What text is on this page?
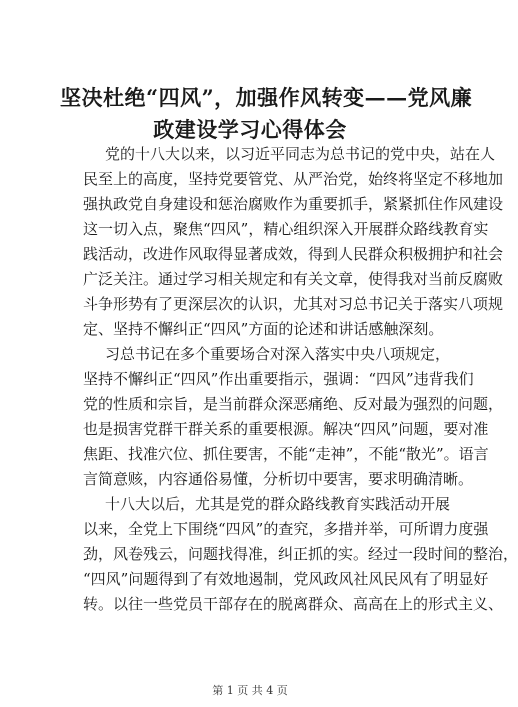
坚决杜绝“四风”，加强作风转变——党风廉
政建设学习心得体会

党的十八大以来，以习近平同志为总书记的党中央，站在人
民至上的高度，坚持党要管党、从严治党，始终将坚定不移地加
强执政党自身建设和惩治腐败作为重要抓手，紧紧抓住作风建设
这一切入点，聚焦“四风”，精心组织深入开展群众路线教育实
践活动，改进作风取得显著成效，得到人民群众积极拥护和社会
广泛关注。通过学习相关规定和有关文章，使得我对当前反腐败
斗争形势有了更深层次的认识，尤其对习总书记关于落实八项规
定、坚持不懈纠正“四风”方面的论述和讲话感触深刻。

习总书记在多个重要场合对深入落实中央八项规定，
坚持不懈纠正“四风”作出重要指示，强调：“四风”违背我们
党的性质和宗旨，是当前群众深恶痛绝、反对最为强烈的问题，
也是损害党群干群关系的重要根源。解决“四风”问题，要对准
焦距、找准穴位、抓住要害，不能“走神”，不能“散光”。语言
言简意赅，内容通俗易懂，分析切中要害，要求明确清晰。

十八大以后，尤其是党的群众路线教育实践活动开展
以来，全党上下围绕“四风”的查究，多措并举，可所谓力度强
劲，风卷残云，问题找得准，纠正抓的实。经过一段时间的整治，
“四风”问题得到了有效地遏制，党风政风社风民风有了明显好
转。以往一些党员干部存在的脱离群众、高高在上的形式主义、

第 1 页 共 4 页
